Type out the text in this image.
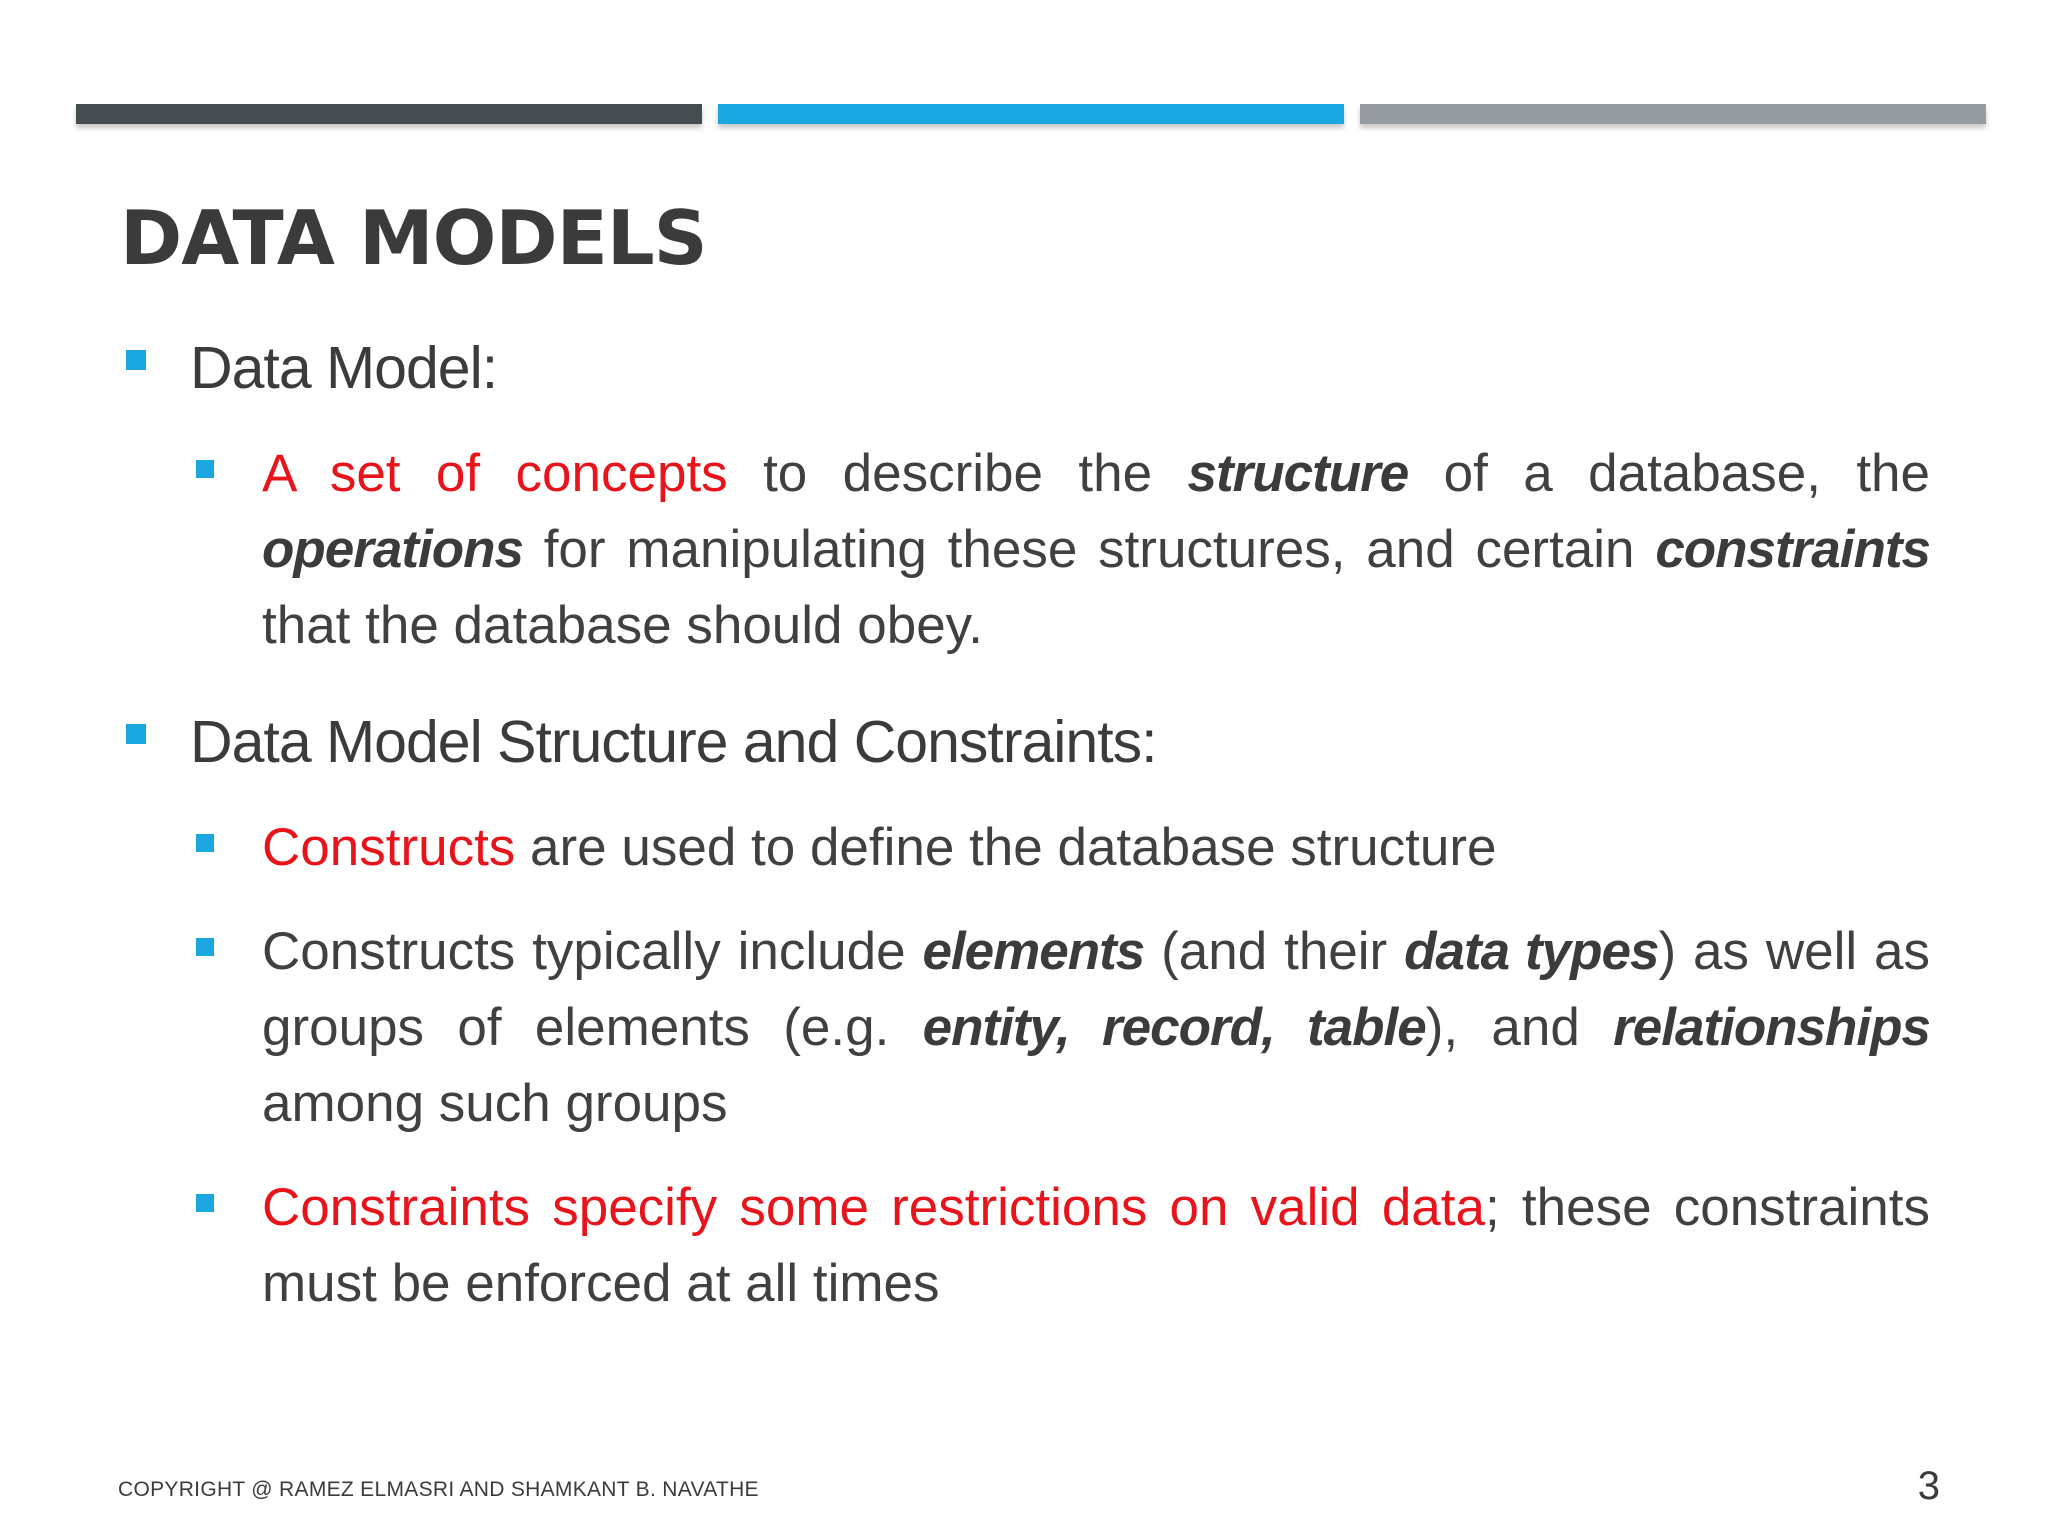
DATA MODELS
Data Model:
A set of concepts to describe the structure of a database, the operations for manipulating these structures, and certain constraints that the database should obey.
Data Model Structure and Constraints:
Constructs are used to define the database structure
Constructs typically include elements (and their data types) as well as groups of elements (e.g. entity, record, table), and relationships among such groups
Constraints specify some restrictions on valid data; these constraints must be enforced at all times
COPYRIGHT @ RAMEZ ELMASRI AND SHAMKANT B. NAVATHE	3
